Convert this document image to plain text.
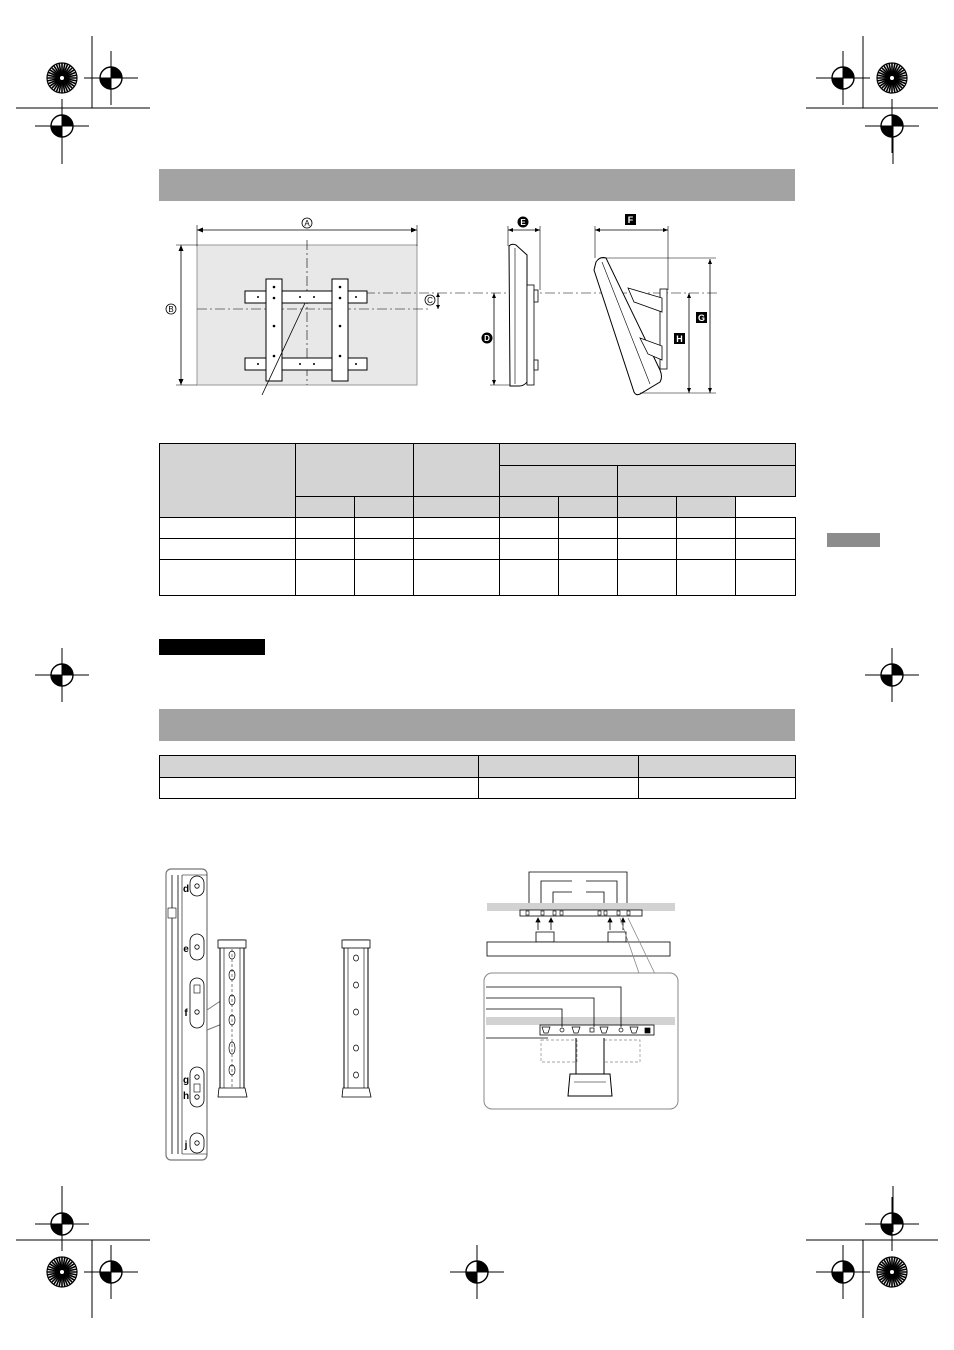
A
B
C
D
E	F
G
H
d
e
f
g
h
j
